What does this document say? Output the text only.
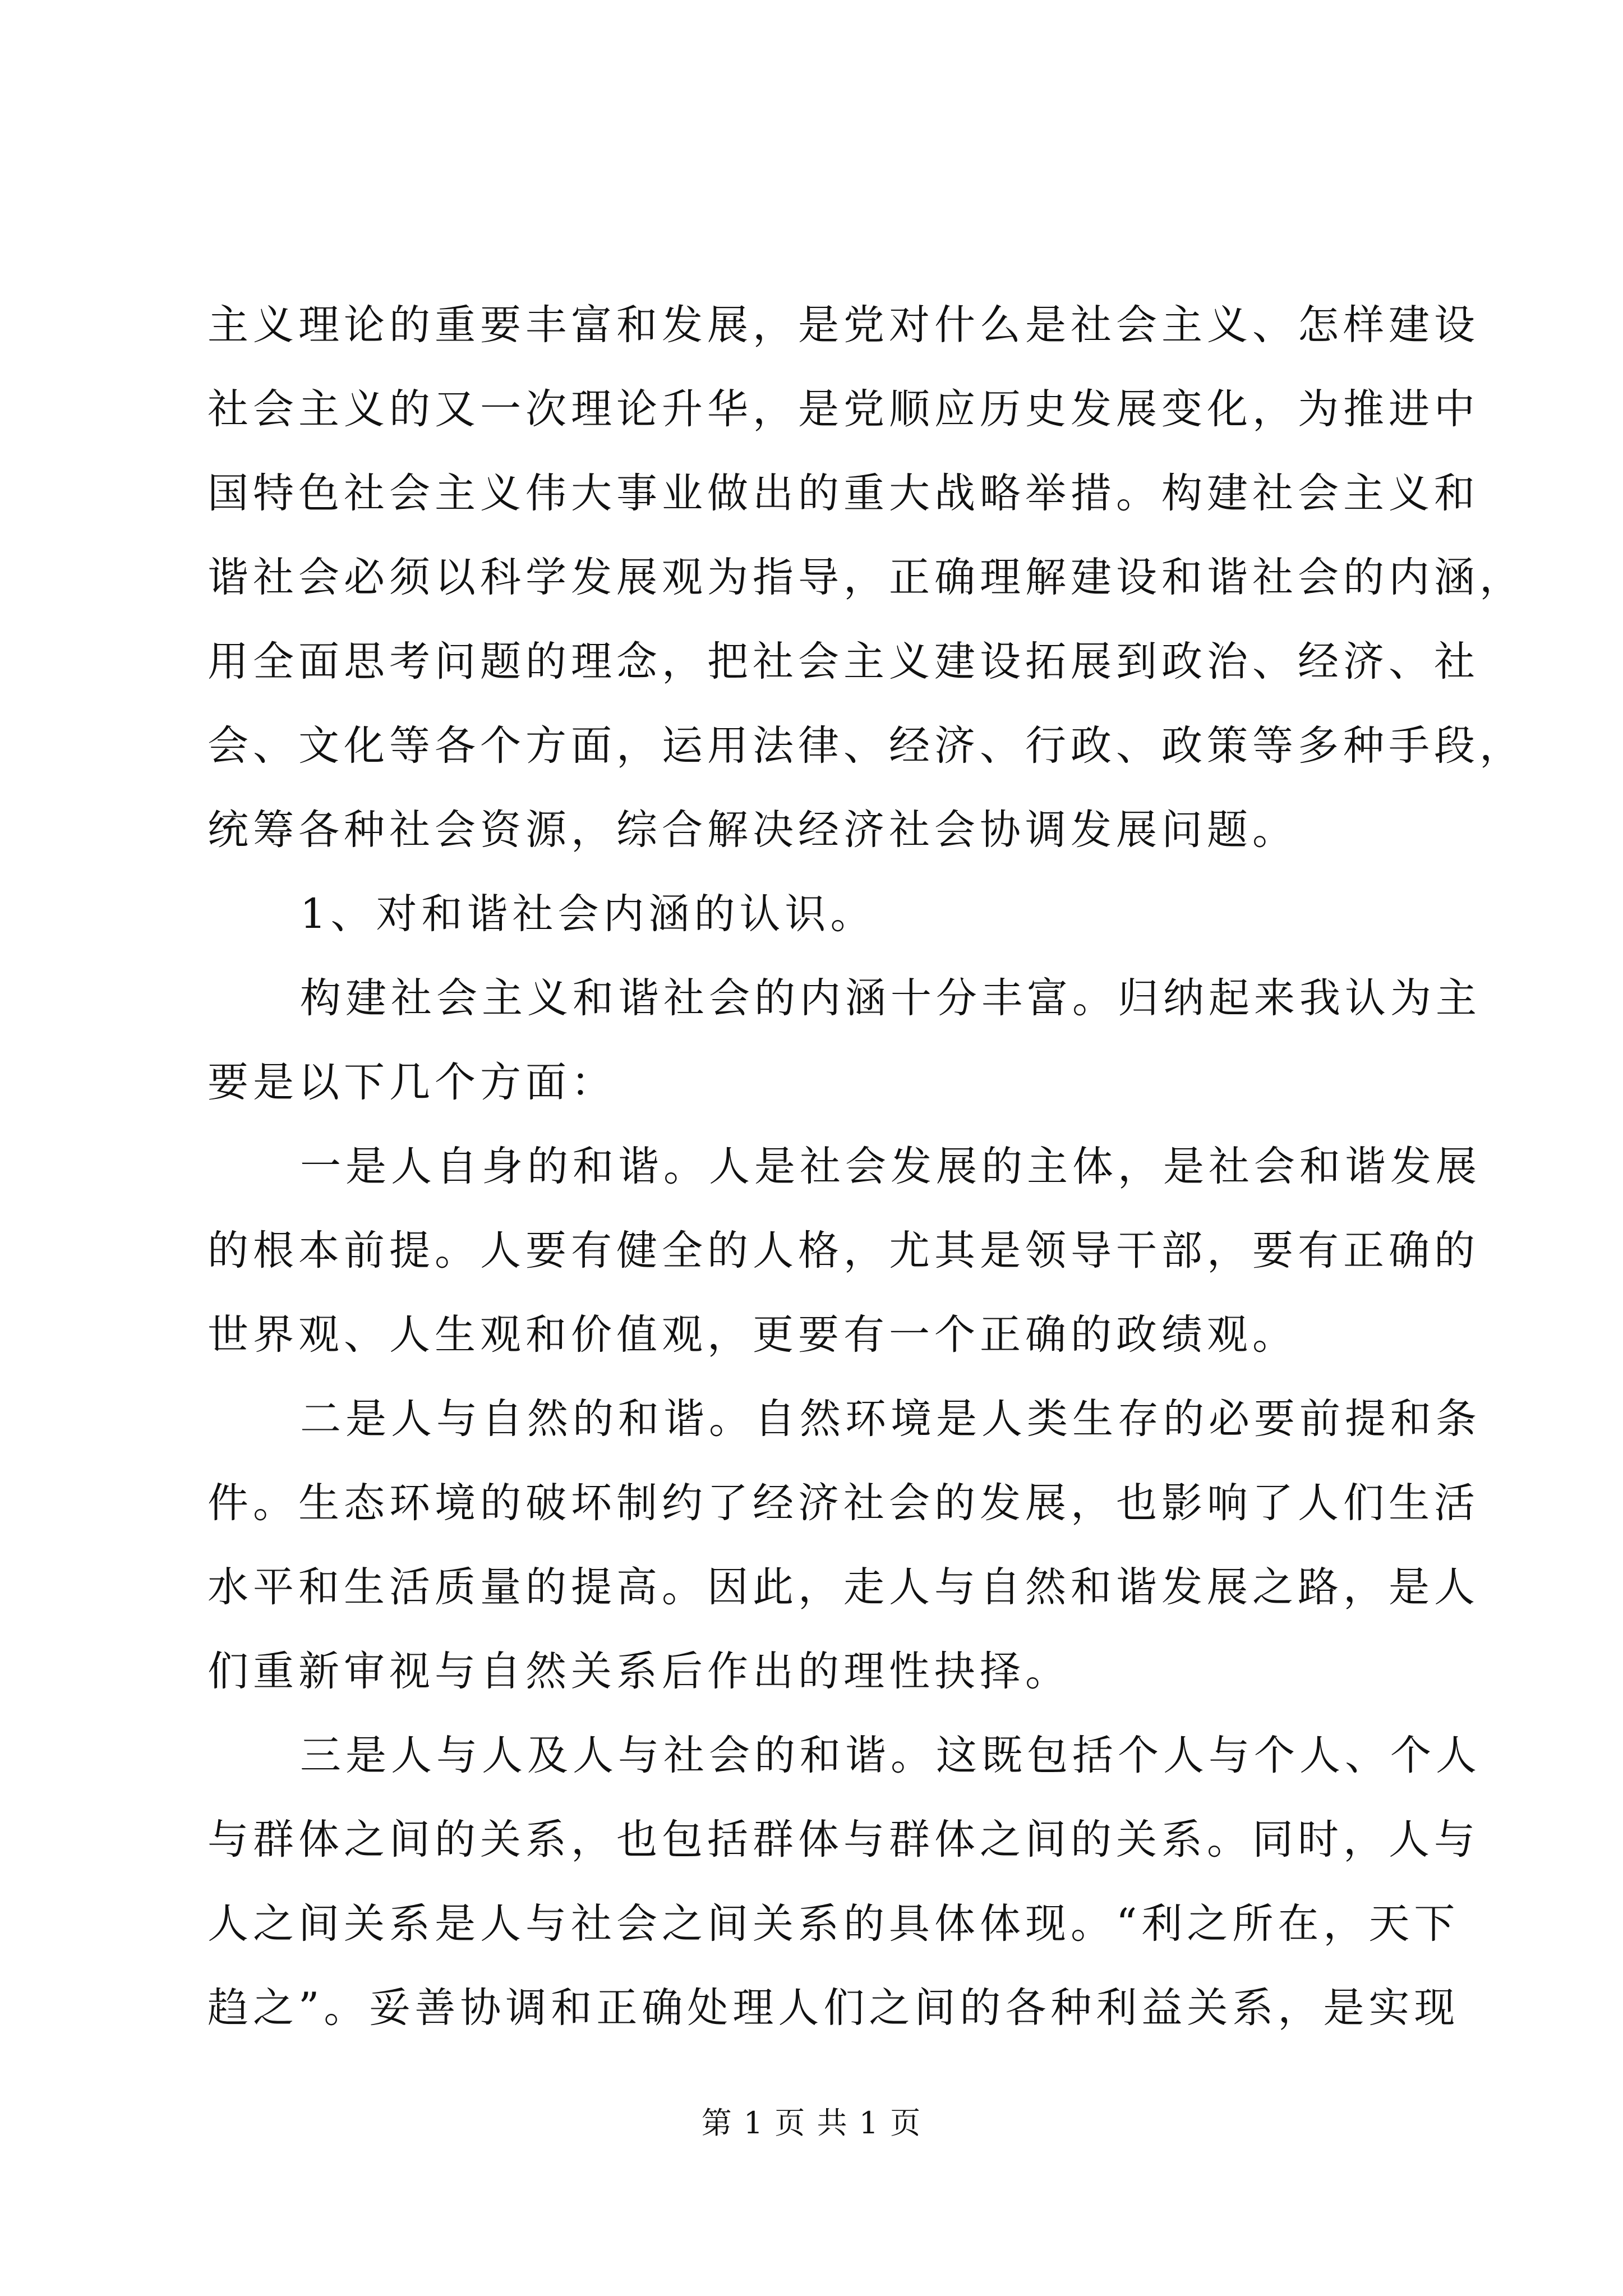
主义理论的重要丰富和发展，是党对什么是社会主义、怎样建设
社会主义的又一次理论升华，是党顺应历史发展变化，为推进中
国特色社会主义伟大事业做出的重大战略举措。构建社会主义和
谐社会必须以科学发展观为指导，正确理解建设和谐社会的内涵，
用全面思考问题的理念，把社会主义建设拓展到政治、经济、社
会、文化等各个方面，运用法律、经济、行政、政策等多种手段，
统筹各种社会资源，综合解决经济社会协调发展问题。
1、对和谐社会内涵的认识。
构建社会主义和谐社会的内涵十分丰富。归纳起来我认为主
要是以下几个方面：
一是人自身的和谐。人是社会发展的主体，是社会和谐发展
的根本前提。人要有健全的人格，尤其是领导干部，要有正确的
世界观、人生观和价值观，更要有一个正确的政绩观。
二是人与自然的和谐。自然环境是人类生存的必要前提和条
件。生态环境的破坏制约了经济社会的发展，也影响了人们生活
水平和生活质量的提高。因此，走人与自然和谐发展之路，是人
们重新审视与自然关系后作出的理性抉择。
三是人与人及人与社会的和谐。这既包括个人与个人、个人
与群体之间的关系，也包括群体与群体之间的关系。同时，人与
人之间关系是人与社会之间关系的具体体现。“利之所在，天下
趋之”。妥善协调和正确处理人们之间的各种利益关系，是实现
第 1 页 共 1 页
